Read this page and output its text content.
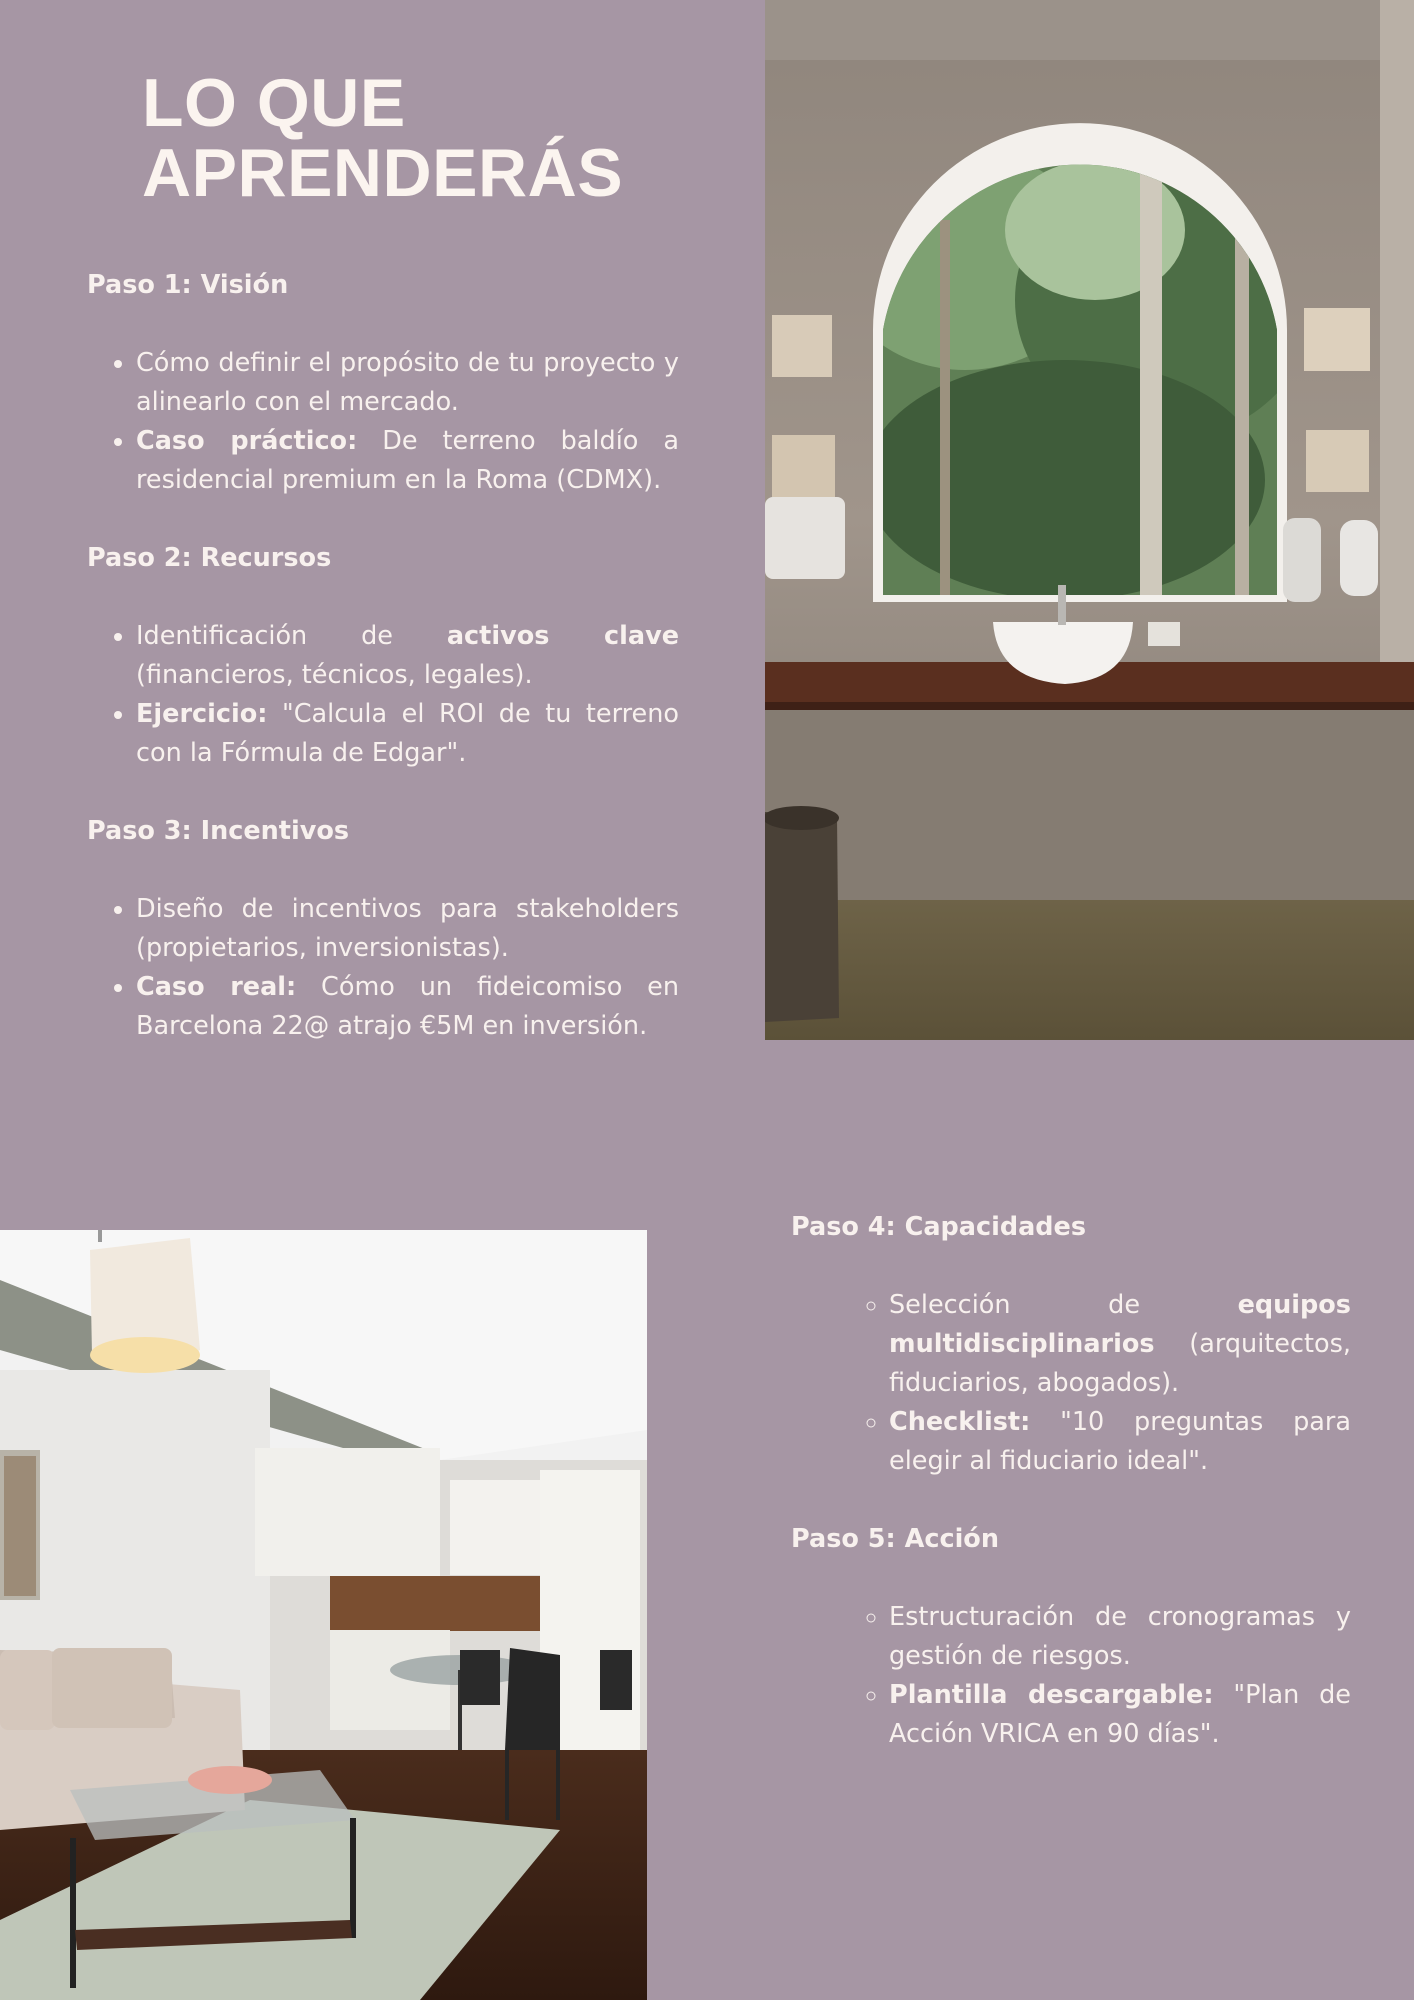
LO QUE
APRENDERÁS

Paso 1: Visión

• Cómo definir el propósito de tu proyecto y alinearlo con el mercado.
• Caso práctico: De terreno baldío a residencial premium en la Roma (CDMX).

Paso 2: Recursos

• Identificación de activos clave (financieros, técnicos, legales).
• Ejercicio: "Calcula el ROI de tu terreno con la Fórmula de Edgar".

Paso 3: Incentivos

• Diseño de incentivos para stakeholders (propietarios, inversionistas).
• Caso real: Cómo un fideicomiso en Barcelona 22@ atrajo €5M en inversión.

Paso 4: Capacidades

◦ Selección de equipos multidisciplinarios (arquitectos, fiduciarios, abogados).
◦ Checklist: "10 preguntas para elegir al fiduciario ideal".

Paso 5: Acción

◦ Estructuración de cronogramas y gestión de riesgos.
◦ Plantilla descargable: "Plan de Acción VRICA en 90 días".
